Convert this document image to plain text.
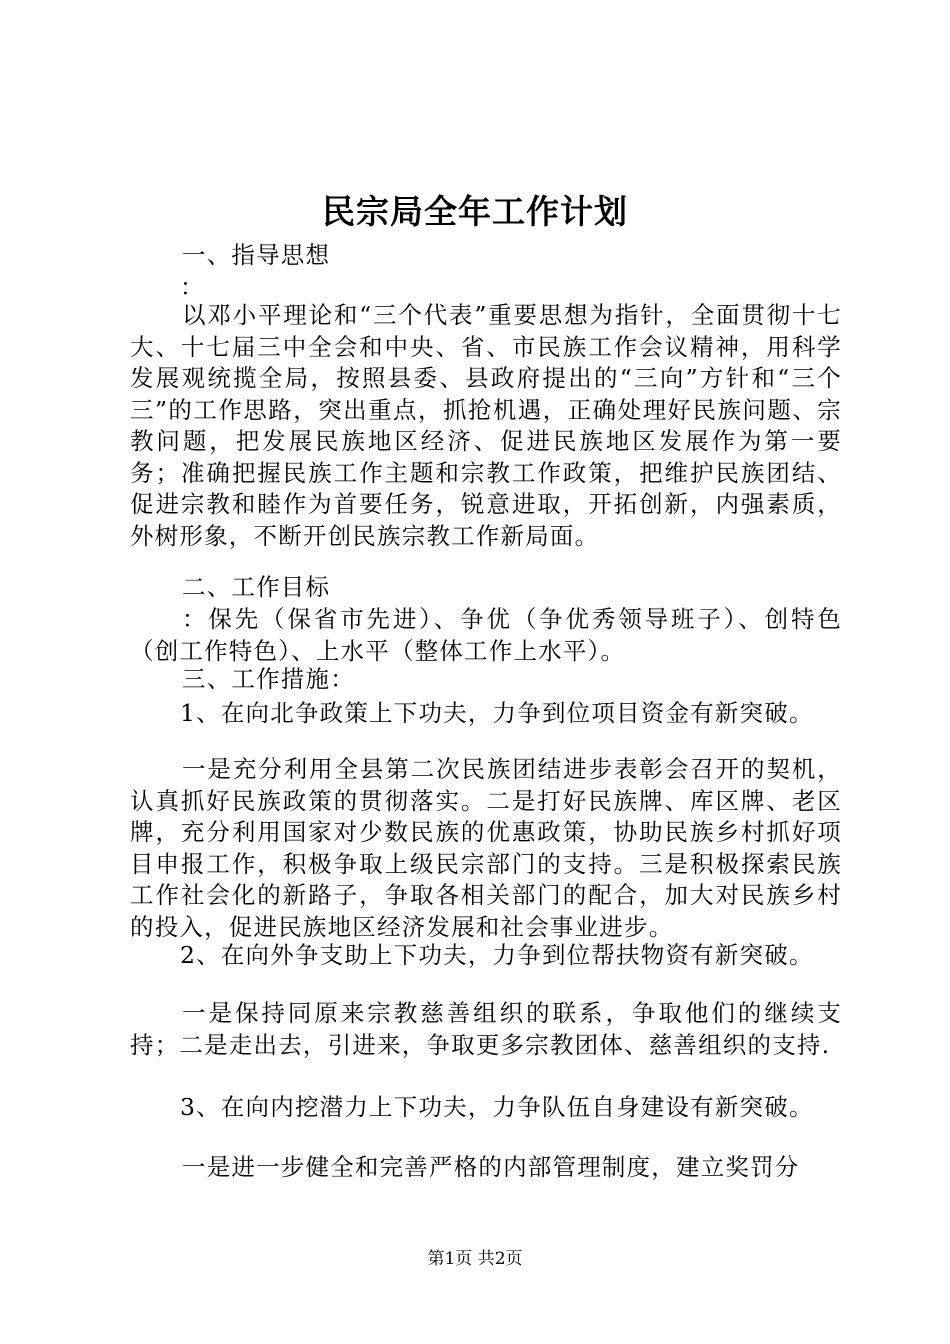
民宗局全年工作计划
一、指导思想
：
以邓小平理论和“三个代表”重要思想为指针，全面贯彻十七大、十七届三中全会和中央、省、市民族工作会议精神，用科学发展观统揽全局，按照县委、县政府提出的“三向”方针和“三个三”的工作思路，突出重点，抓抢机遇，正确处理好民族问题、宗教问题，把发展民族地区经济、促进民族地区发展作为第一要务；准确把握民族工作主题和宗教工作政策，把维护民族团结、促进宗教和睦作为首要任务，锐意进取，开拓创新，内强素质，外树形象，不断开创民族宗教工作新局面。
二、工作目标
：保先（保省市先进）、争优（争优秀领导班子）、创特色（创工作特色）、上水平（整体工作上水平）。
三、工作措施：
1、在向北争政策上下功夫，力争到位项目资金有新突破。
一是充分利用全县第二次民族团结进步表彰会召开的契机，认真抓好民族政策的贯彻落实。二是打好民族牌、库区牌、老区牌，充分利用国家对少数民族的优惠政策，协助民族乡村抓好项目申报工作，积极争取上级民宗部门的支持。三是积极探索民族工作社会化的新路子，争取各相关部门的配合，加大对民族乡村的投入，促进民族地区经济发展和社会事业进步。
2、在向外争支助上下功夫，力争到位帮扶物资有新突破。
一是保持同原来宗教慈善组织的联系，争取他们的继续支持；二是走出去，引进来，争取更多宗教团体、慈善组织的支持.
3、在向内挖潜力上下功夫，力争队伍自身建设有新突破。
一是进一步健全和完善严格的内部管理制度，建立奖罚分
第1页 共2页
